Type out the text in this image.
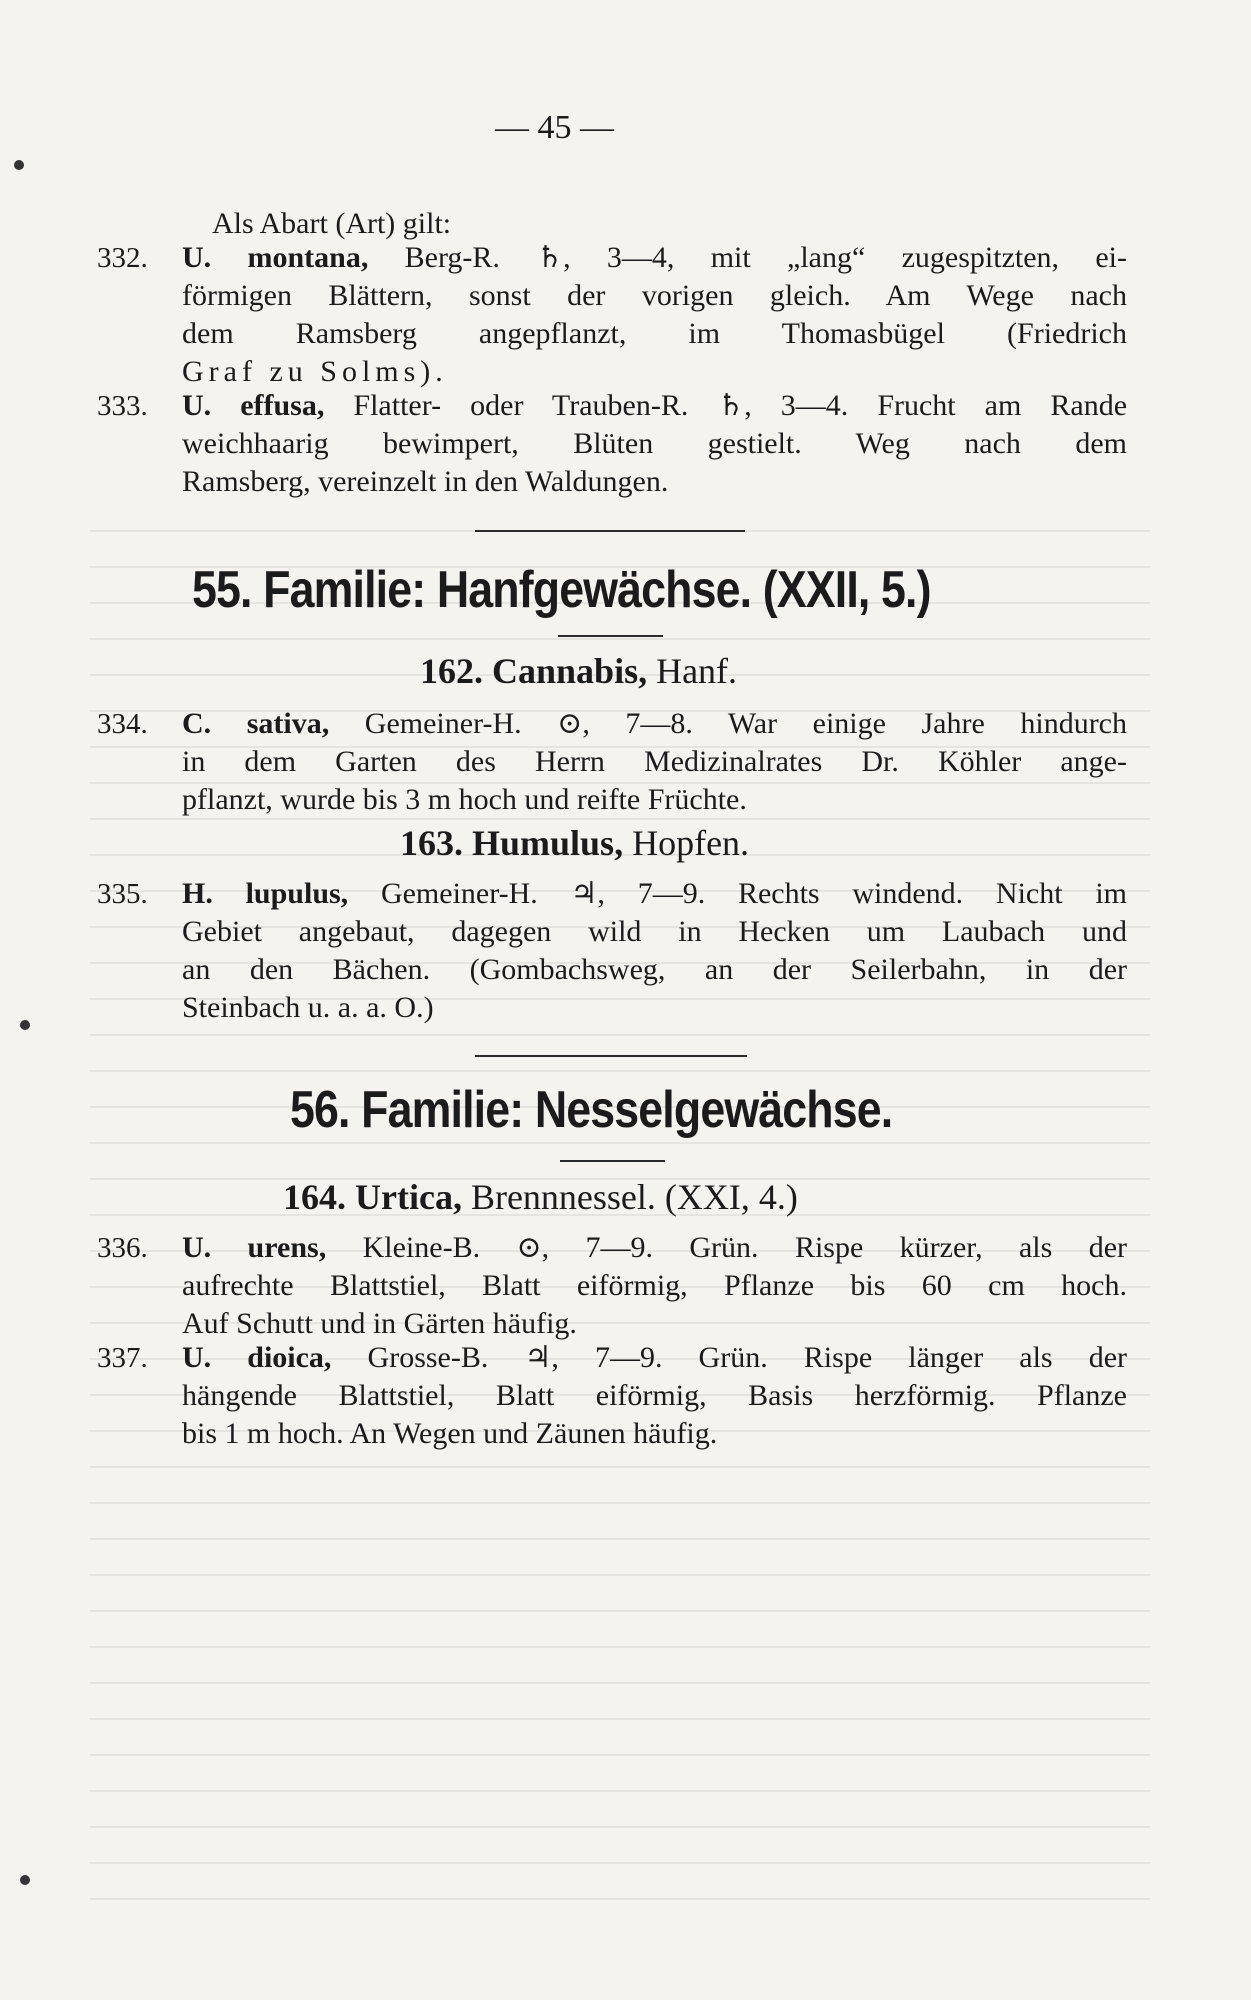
— 45 —
Als Abart (Art) gilt:
332. U. montana, Berg-R. ♄, 3—4, mit „lang“ zugespitzten, ei-
förmigen Blättern, sonst der vorigen gleich. Am Wege nach
dem Ramsberg angepflanzt, im Thomasbügel (Friedrich
Graf zu Solms).
333. U. effusa, Flatter- oder Trauben-R. ♄, 3—4. Frucht am Rande
weichhaarig bewimpert, Blüten gestielt. Weg nach dem
Ramsberg, vereinzelt in den Waldungen.
55. Familie: Hanfgewächse. (XXII, 5.)
162. Cannabis, Hanf.
334. C. sativa, Gemeiner-H. ⊙, 7—8. War einige Jahre hindurch
in dem Garten des Herrn Medizinalrates Dr. Köhler ange-
pflanzt, wurde bis 3 m hoch und reifte Früchte.
163. Humulus, Hopfen.
335. H. lupulus, Gemeiner-H. ♃, 7—9. Rechts windend. Nicht im
Gebiet angebaut, dagegen wild in Hecken um Laubach und
an den Bächen. (Gombachsweg, an der Seilerbahn, in der
Steinbach u. a. a. O.)
56. Familie: Nesselgewächse.
164. Urtica, Brennnessel. (XXI, 4.)
336. U. urens, Kleine-B. ⊙, 7—9. Grün. Rispe kürzer, als der
aufrechte Blattstiel, Blatt eiförmig, Pflanze bis 60 cm hoch.
Auf Schutt und in Gärten häufig.
337. U. dioica, Grosse-B. ♃, 7—9. Grün. Rispe länger als der
hängende Blattstiel, Blatt eiförmig, Basis herzförmig. Pflanze
bis 1 m hoch. An Wegen und Zäunen häufig.
